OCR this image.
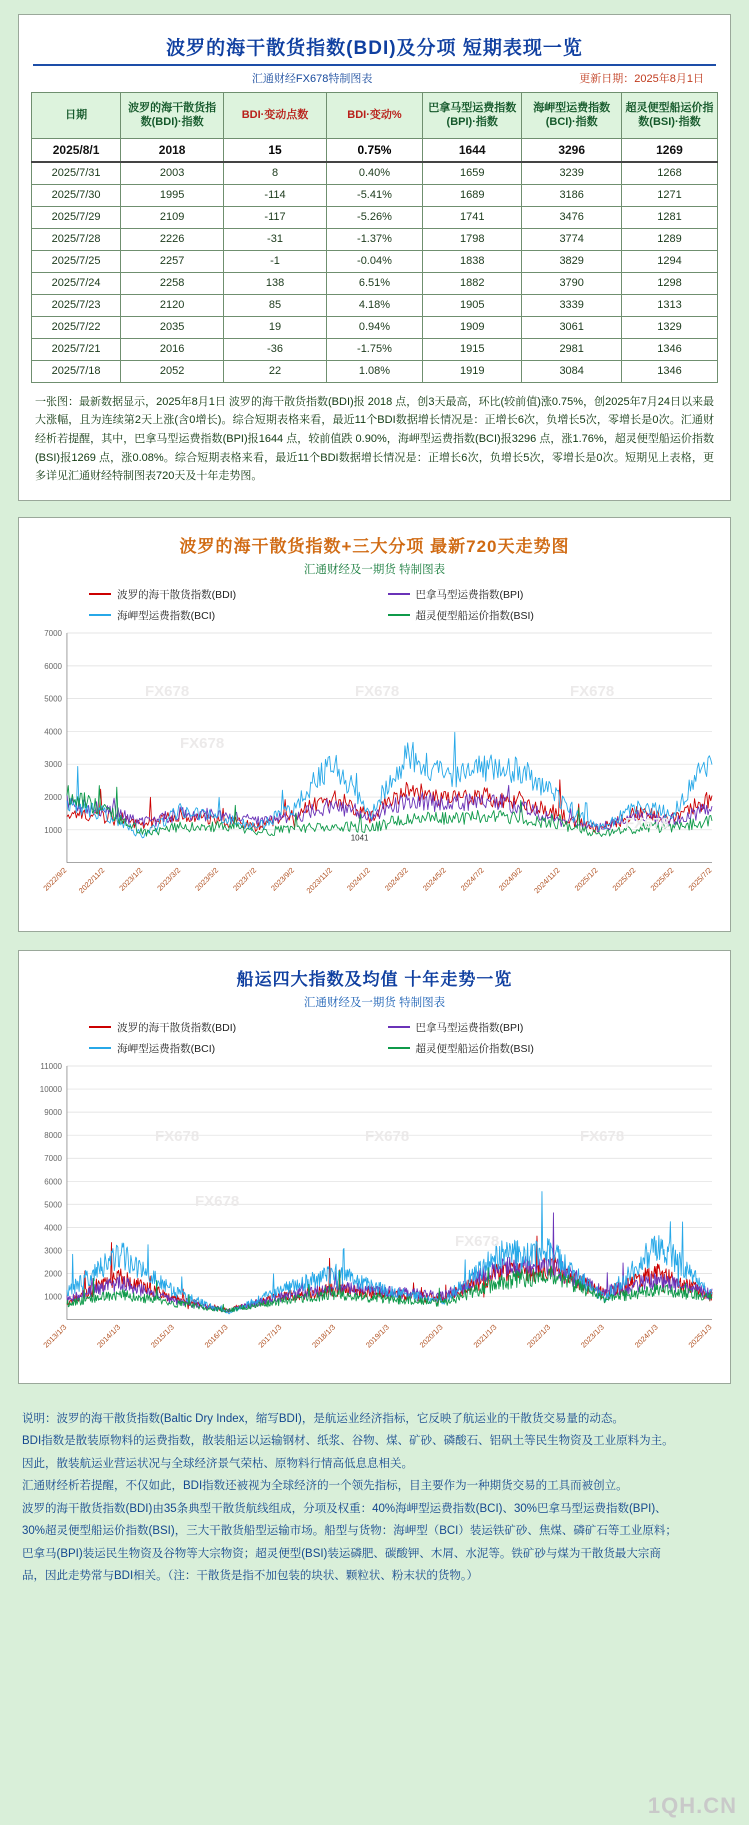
波罗的海干散货指数(BDI)及分项 短期表现一览
汇通财经FX678特制图表	更新日期：2025年8月1日
日期	波罗的海干散货指数(BDI)·指数	BDI·变动点数	BDI·变动%	巴拿马型运费指数(BPI)·指数	海岬型运费指数(BCI)·指数	超灵便型船运价指数(BSI)·指数
2025/8/1	2018	15	0.75%	1644	3296	1269
2025/7/31	2003	8	0.40%	1659	3239	1268
2025/7/30	1995	-114	-5.41%	1689	3186	1271
2025/7/29	2109	-117	-5.26%	1741	3476	1281
2025/7/28	2226	-31	-1.37%	1798	3774	1289
2025/7/25	2257	-1	-0.04%	1838	3829	1294
2025/7/24	2258	138	6.51%	1882	3790	1298
2025/7/23	2120	85	4.18%	1905	3339	1313
2025/7/22	2035	19	0.94%	1909	3061	1329
2025/7/21	2016	-36	-1.75%	1915	2981	1346
2025/7/18	2052	22	1.08%	1919	3084	1346
一张图：最新数据显示，2025年8月1日 波罗的海干散货指数(BDI)报 2018 点，创3天最高，环比(较前值)涨0.75%，创2025年7月24日以来最大涨幅，且为连续第2天上涨(含0增长)。综合短期表格来看，最近11个BDI数据增长情况是：正增长6次，负增长5次，零增长是0次。汇通财经析若提醒，其中，巴拿马型运费指数(BPI)报1644 点，较前值跌 0.90%，海岬型运费指数(BCI)报3296 点，涨1.76%，超灵便型船运价指数(BSI)报1269 点，涨0.08%。综合短期表格来看，最近11个BDI数据增长情况是：正增长6次，负增长5次，零增长是0次。短期见上表格，更多详见汇通财经特制图表720天及十年走势图。
波罗的海干散货指数+三大分项 最新720天走势图
汇通财经及一期货 特制图表
波罗的海干散货指数(BDI)	巴拿马型运费指数(BPI)
海岬型运费指数(BCI)	超灵便型船运价指数(BSI)
1000
2000
3000
4000
5000
6000
7000
2022/9/2 2022/11/2 2023/1/2 2023/3/2 2023/5/2 2023/7/2 2023/9/2 2023/11/2 2024/1/2 2024/3/2 2024/5/2 2024/7/2 2024/9/2 2024/11/2 2025/1/2 2025/3/2 2025/5/2 2025/7/2
1041
FX678	FX678	FX678
FX678
FX678
船运四大指数及均值 十年走势一览
汇通财经及一期货 特制图表
波罗的海干散货指数(BDI)	巴拿马型运费指数(BPI)
海岬型运费指数(BCI)	超灵便型船运价指数(BSI)
1000
2000
3000
4000
5000
6000
7000
8000
9000
10000
11000
2013/1/3	2014/1/3	2015/1/3	2016/1/3	2017/1/3	2018/1/3	2019/1/3	2020/1/3	2021/1/3	2022/1/3	2023/1/3	2024/1/3	2025/1/3
FX678	FX678	FX678
FX678
FX678

说明：波罗的海干散货指数(Baltic Dry Index，缩写BDI)，是航运业经济指标，它反映了航运业的干散货交易量的动态。

BDI指数是散装原物料的运费指数，散装船运以运输钢材、纸浆、谷物、煤、矿砂、磷酸石、铝矾土等民生物资及工业原料为主。

因此，散装航运业营运状况与全球经济景气荣枯、原物料行情高低息息相关。

汇通财经析若提醒，不仅如此，BDI指数还被视为全球经济的一个领先指标，目主要作为一种期货交易的工具而被创立。

波罗的海干散货指数(BDI)由35条典型干散货航线组成，分项及权重：40%海岬型运费指数(BCI)、30%巴拿马型运费指数(BPI)、

30%超灵便型船运价指数(BSI)，三大干散货船型运输市场。船型与货物：海岬型（BCI）装运铁矿砂、焦煤、磷矿石等工业原料；

巴拿马(BPI)装运民生物资及谷物等大宗物资；超灵便型(BSI)装运磷肥、碳酸钾、木屑、水泥等。铁矿砂与煤为干散货最大宗商

品，因此走势常与BDI相关。（注：干散货是指不加包装的块状、颗粒状、粉末状的货物。）

1QH.CN
